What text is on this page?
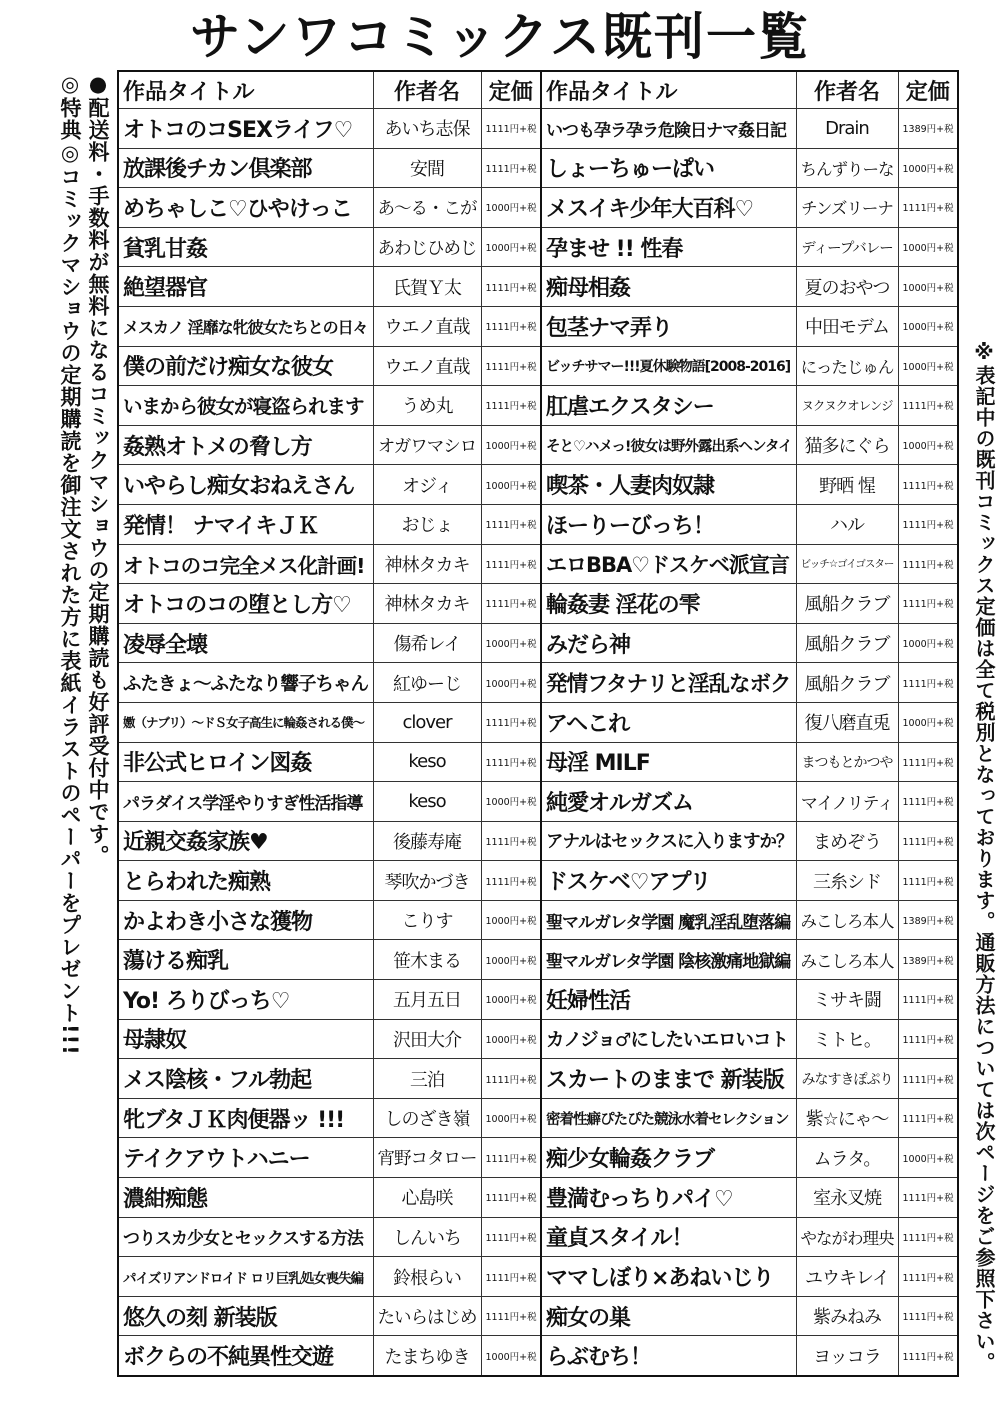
サンワコミックス既刊一覧
●配送料・手数料が無料になるコミックマショウの定期購読も好評受付中です。
◎特典◎コミックマショウの定期購読を御注文された方に表紙イラストのペーパーをプレゼント!!!	※表記中の既刊コミックス定価は全て税別となっております。通販方法については次ページをご参照下さい。
作品タイトル	作者名	定価	作品タイトル	作者名	定価
オトコのコSEXライフ♡	あいち志保	1111円+税	いつも孕ラ孕ラ危険日ナマ姦日記	Drain	1389円+税
放課後チカン倶楽部	安間	1111円+税	しょーちゅーぱい	ちんずりーな	1000円+税
めちゃしこ♡ひやけっこ	あ～る・こが	1000円+税	メスイキ少年大百科♡	チンズリーナ	1111円+税
貧乳甘姦	あわじひめじ	1000円+税	孕ませ !! 性春	ディープバレー	1000円+税
絶望器官	氏賀Ｙ太	1111円+税	痴母相姦	夏のおやつ	1000円+税
メスカノ 淫靡な牝彼女たちとの日々	ウエノ直哉	1111円+税	包茎ナマ弄り	中田モデム	1000円+税
僕の前だけ痴女な彼女	ウエノ直哉	1111円+税	ビッチサマー!!!夏休験物語[2008-2016]	にったじゅん	1000円+税
いまから彼女が寝盗られます	うめ丸	1111円+税	肛虐エクスタシー	ヌクヌクオレンジ	1111円+税
姦熟オトメの脅し方	オガワマシロ	1000円+税	そと♡ハメっ!彼女は野外露出系ヘンタイ	猫多にぐら	1000円+税
いやらし痴女おねえさん	オジィ	1000円+税	喫茶・人妻肉奴隷	野晒 惺	1111円+税
発情！ ナマイキＪＫ	おじょ	1111円+税	ほーりーびっち！	ハル	1111円+税
オトコのコ完全メス化計画!	神林タカキ	1111円+税	エロBBA♡ドスケベ派宣言	ビッチ☆ゴイゴスター	1111円+税
オトコのコの堕とし方♡	神林タカキ	1111円+税	輪姦妻 淫花の雫	風船クラブ	1111円+税
凌辱全壊	傷希レイ	1000円+税	みだら神	風船クラブ	1000円+税
ふたきょ～ふたなり響子ちゃん	紅ゆーじ	1000円+税	発情フタナリと淫乱なボク	風船クラブ	1111円+税
嫐（ナブリ）～ドＳ女子高生に輪姦される僕～	clover	1111円+税	アヘこれ	復八磨直兎	1000円+税
非公式ヒロイン図姦	keso	1111円+税	母淫 MILF	まつもとかつや	1111円+税
パラダイス学淫やりすぎ性活指導	keso	1000円+税	純愛オルガズム	マイノリティ	1111円+税
近親交姦家族♥	後藤寿庵	1111円+税	アナルはセックスに入りますか？	まめぞう	1111円+税
とらわれた痴熟	琴吹かづき	1111円+税	ドスケベ♡アプリ	三糸シド	1111円+税
かよわき小さな獲物	こりす	1000円+税	聖マルガレタ学園 魔乳淫乱堕落編	みこしろ本人	1389円+税
蕩ける痴乳	笹木まる	1000円+税	聖マルガレタ学園 陰核激痛地獄編	みこしろ本人	1389円+税
Yo! ろりびっち♡	五月五日	1000円+税	妊婦性活	ミサキ闘	1111円+税
母隷奴	沢田大介	1000円+税	カノジョ♂にしたいエロいコト	ミトヒ。	1111円+税
メス陰核・フル勃起	三泊	1111円+税	スカートのままで 新装版	みなすきぽぷり	1111円+税
牝ブタＪＫ肉便器ッ !!!	しのざき嶺	1000円+税	密着性癖ぴたぴた競泳水着セレクション	紫☆にゃ～	1111円+税
テイクアウトハニー	宵野コタロー	1111円+税	痴少女輪姦クラブ	ムラタ。	1000円+税
濃紺痴態	心島咲	1111円+税	豊満むっちりパイ♡	室永叉焼	1111円+税
つりスカ少女とセックスする方法	しんいち	1111円+税	童貞スタイル！	やながわ理央	1111円+税
パイズリアンドロイド ロリ巨乳処女喪失編	鈴根らい	1111円+税	ママしぼり×あねいじり	ユウキレイ	1111円+税
悠久の刻 新装版	たいらはじめ	1111円+税	痴女の巣	紫みねみ	1111円+税
ボクらの不純異性交遊	たまちゆき	1000円+税	らぶむち！	ヨッコラ	1111円+税
